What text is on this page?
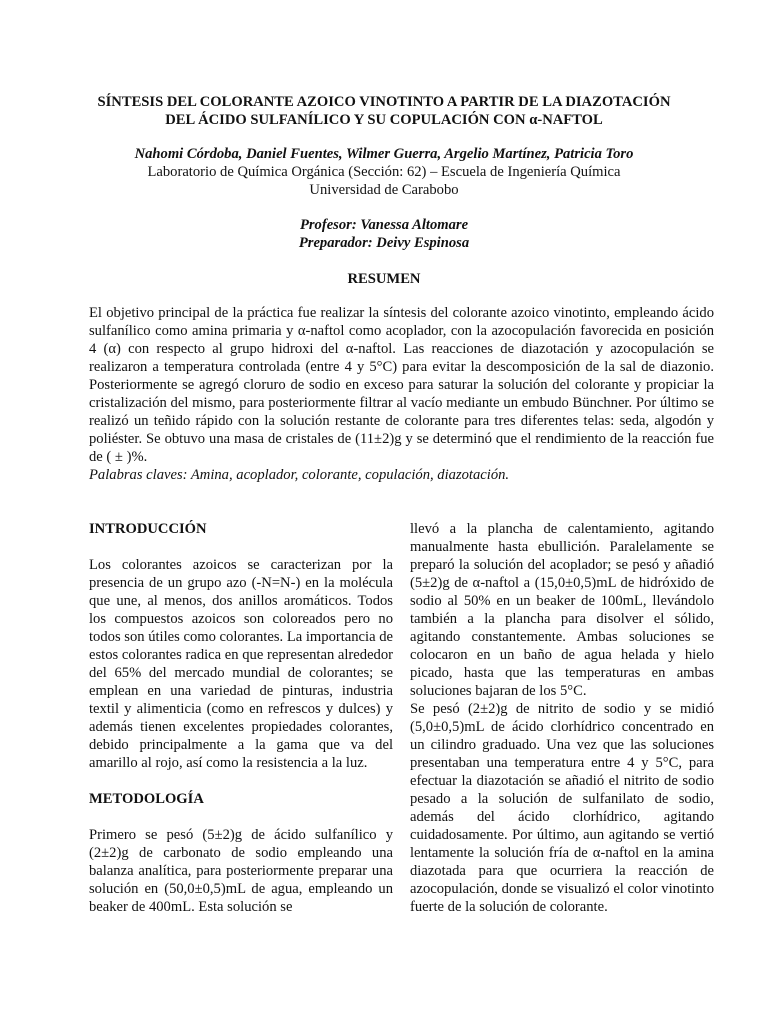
SÍNTESIS DEL COLORANTE AZOICO VINOTINTO A PARTIR DE LA DIAZOTACIÓN
DEL ÁCIDO SULFANÍLICO Y SU COPULACIÓN CON α-NAFTOL
Nahomi Córdoba, Daniel Fuentes, Wilmer Guerra, Argelio Martínez, Patricia Toro
Laboratorio de Química Orgánica (Sección: 62) – Escuela de Ingeniería Química
Universidad de Carabobo
Profesor: Vanessa Altomare
Preparador: Deivy Espinosa
RESUMEN

El objetivo principal de la práctica fue realizar la síntesis del colorante azoico vinotinto, empleando ácido sulfanílico como amina primaria y α-naftol como acoplador, con la azocopulación favorecida en posición 4 (α) con respecto al grupo hidroxi del α-naftol. Las reacciones de diazotación y azocopulación se realizaron a temperatura controlada (entre 4 y 5°C) para evitar la descomposición de la sal de diazonio. Posteriormente se agregó cloruro de sodio en exceso para saturar la solución del colorante y propiciar la cristalización del mismo, para posteriormente filtrar al vacío mediante un embudo Bünchner. Por último se realizó un teñido rápido con la solución restante de colorante para tres diferentes telas: seda, algodón y poliéster. Se obtuvo una masa de cristales de (11±2)g y se determinó que el rendimiento de la reacción fue de ( ± )%.

Palabras claves: Amina, acoplador, colorante, copulación, diazotación.

INTRODUCCIÓN

Los colorantes azoicos se caracterizan por la presencia de un grupo azo (-N=N-) en la molécula que une, al menos, dos anillos aromáticos. Todos los compuestos azoicos son coloreados pero no todos son útiles como colorantes. La importancia de estos colorantes radica en que representan alrededor del 65% del mercado mundial de colorantes; se emplean en una variedad de pinturas, industria textil y alimenticia (como en refrescos y dulces) y además tienen excelentes propiedades colorantes, debido principalmente a la gama que va del amarillo al rojo, así como la resistencia a la luz.

METODOLOGÍA

Primero se pesó (5±2)g de ácido sulfanílico y (2±2)g de carbonato de sodio empleando una balanza analítica, para posteriormente preparar una solución en (50,0±0,5)mL de agua, empleando un beaker de 400mL. Esta solución se

llevó a la plancha de calentamiento, agitando manualmente hasta ebullición. Paralelamente se preparó la solución del acoplador; se pesó y añadió (5±2)g de α-naftol a (15,0±0,5)mL de hidróxido de sodio al 50% en un beaker de 100mL, llevándolo también a la plancha para disolver el sólido, agitando constantemente. Ambas soluciones se colocaron en un baño de agua helada y hielo picado, hasta que las temperaturas en ambas soluciones bajaran de los 5°C.

Se pesó (2±2)g de nitrito de sodio y se midió (5,0±0,5)mL de ácido clorhídrico concentrado en un cilindro graduado. Una vez que las soluciones presentaban una temperatura entre 4 y 5°C, para efectuar la diazotación se añadió el nitrito de sodio pesado a la solución de sulfanilato de sodio, además del ácido clorhídrico, agitando cuidadosamente. Por último, aun agitando se vertió lentamente la solución fría de α-naftol en la amina diazotada para que ocurriera la reacción de azocopulación, donde se visualizó el color vinotinto fuerte de la solución de colorante.
